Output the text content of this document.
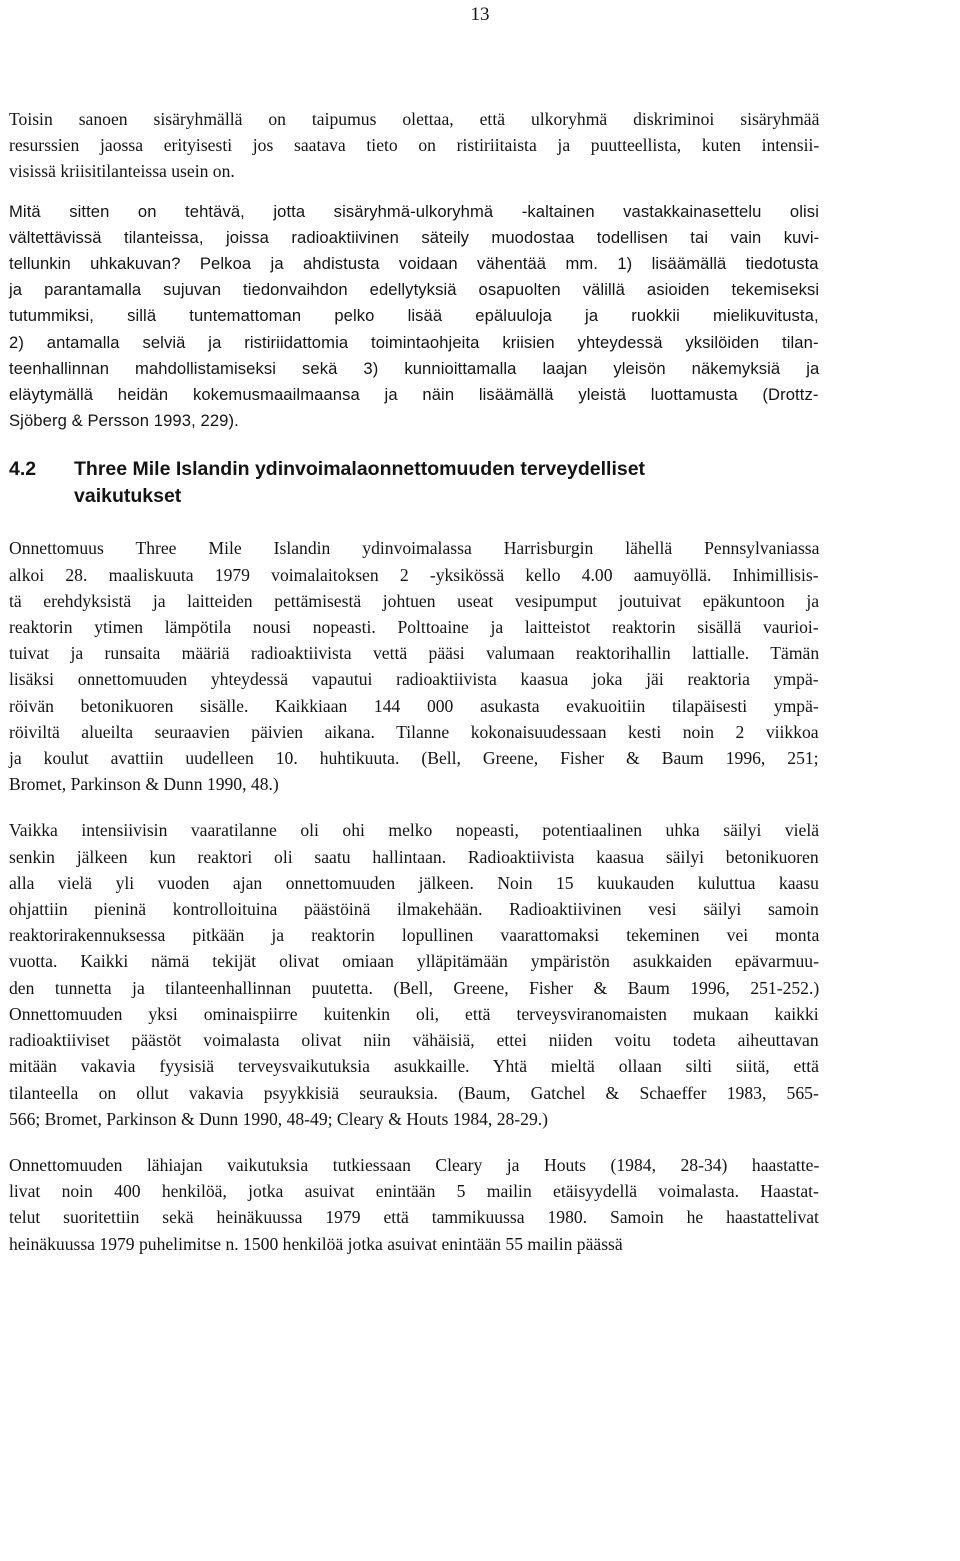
13

Toisin sanoen sisäryhmällä on taipumus olettaa, että ulkoryhmä diskriminoi sisäryhmää
resurssien jaossa erityisesti jos saatava tieto on ristiriitaista ja puutteellista, kuten intensii-
visissä kriisitilanteissa usein on.

Mitä sitten on tehtävä, jotta sisäryhmä-ulkoryhmä -kaltainen vastakkainasettelu olisi
vältettävissä tilanteissa, joissa radioaktiivinen säteily muodostaa todellisen tai vain kuvi-
tellunkin uhkakuvan? Pelkoa ja ahdistusta voidaan vähentää mm. 1) lisäämällä tiedotusta
ja parantamalla sujuvan tiedonvaihdon edellytyksiä osapuolten välillä asioiden tekemiseksi
tutummiksi, sillä tuntemattoman pelko lisää epäluuloja ja ruokkii mielikuvitusta,
2) antamalla selviä ja ristiriidattomia toimintaohjeita kriisien yhteydessä yksilöiden tilan-
teenhallinnan mahdollistamiseksi sekä 3) kunnioittamalla laajan yleisön näkemyksiä ja
eläytymällä heidän kokemusmaailmaansa ja näin lisäämällä yleistä luottamusta (Drottz-
Sjöberg & Persson 1993, 229).

4.2	Three Mile Islandin ydinvoimalaonnettomuuden terveydelliset
vaikutukset

Onnettomuus Three Mile Islandin ydinvoimalassa Harrisburgin lähellä Pennsylvaniassa
alkoi 28. maaliskuuta 1979 voimalaitoksen 2 -yksikössä kello 4.00 aamuyöllä. Inhimillisis-
tä erehdyksistä ja laitteiden pettämisestä johtuen useat vesipumput joutuivat epäkuntoon ja
reaktorin ytimen lämpötila nousi nopeasti. Polttoaine ja laitteistot reaktorin sisällä vaurioi-
tuivat ja runsaita määriä radioaktiivista vettä pääsi valumaan reaktorihallin lattialle. Tämän
lisäksi onnettomuuden yhteydessä vapautui radioaktiivista kaasua joka jäi reaktoria ympä-
röivän betonikuoren sisälle. Kaikkiaan 144 000 asukasta evakuoitiin tilapäisesti ympä-
röiviltä alueilta seuraavien päivien aikana. Tilanne kokonaisuudessaan kesti noin 2 viikkoa
ja koulut avattiin uudelleen 10. huhtikuuta. (Bell, Greene, Fisher & Baum 1996, 251;
Bromet, Parkinson & Dunn 1990, 48.)

Vaikka intensiivisin vaaratilanne oli ohi melko nopeasti, potentiaalinen uhka säilyi vielä
senkin jälkeen kun reaktori oli saatu hallintaan. Radioaktiivista kaasua säilyi betonikuoren
alla vielä yli vuoden ajan onnettomuuden jälkeen. Noin 15 kuukauden kuluttua kaasu
ohjattiin pieninä kontrolloituina päästöinä ilmakehään. Radioaktiivinen vesi säilyi samoin
reaktorirakennuksessa pitkään ja reaktorin lopullinen vaarattomaksi tekeminen vei monta
vuotta. Kaikki nämä tekijät olivat omiaan ylläpitämään ympäristön asukkaiden epävarmuu-
den tunnetta ja tilanteenhallinnan puutetta. (Bell, Greene, Fisher & Baum 1996, 251-252.)
Onnettomuuden yksi ominaispiirre kuitenkin oli, että terveysviranomaisten mukaan kaikki
radioaktiiviset päästöt voimalasta olivat niin vähäisiä, ettei niiden voitu todeta aiheuttavan
mitään vakavia fyysisiä terveysvaikutuksia asukkaille. Yhtä mieltä ollaan silti siitä, että
tilanteella on ollut vakavia psyykkisiä seurauksia. (Baum, Gatchel & Schaeffer 1983, 565-
566; Bromet, Parkinson & Dunn 1990, 48-49; Cleary & Houts 1984, 28-29.)

Onnettomuuden lähiajan vaikutuksia tutkiessaan Cleary ja Houts (1984, 28-34) haastatte-
livat noin 400 henkilöä, jotka asuivat enintään 5 mailin etäisyydellä voimalasta. Haastat-
telut suoritettiin sekä heinäkuussa 1979 että tammikuussa 1980. Samoin he haastattelivat
heinäkuussa 1979 puhelimitse n. 1500 henkilöä jotka asuivat enintään 55 mailin päässä
